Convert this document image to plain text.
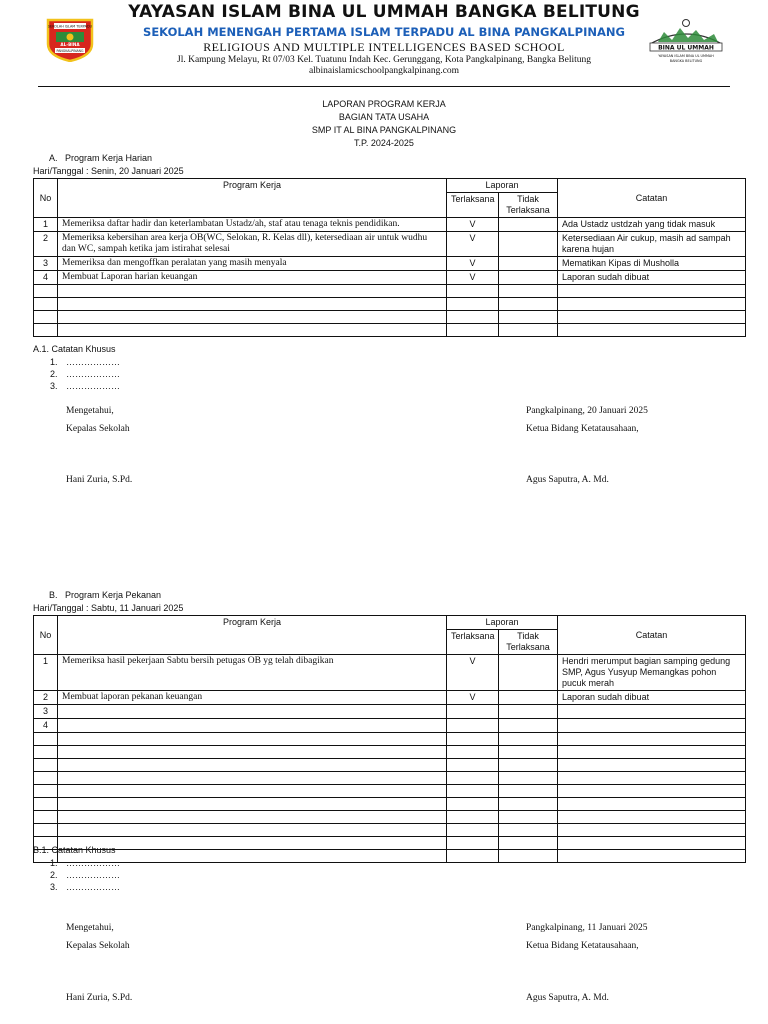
SEKOLAH ISLAM TERPADU
AL-BINA
PANGKALPINANG
YAYASAN ISLAM BINA UL UMMAH BANGKA BELITUNG
SEKOLAH MENENGAH PERTAMA ISLAM TERPADU AL BINA PANGKALPINANG
RELIGIOUS AND MULTIPLE INTELLIGENCES BASED SCHOOL
Jl. Kampung Melayu, Rt 07/03 Kel. Tuatunu Indah Kec. Gerunggang, Kota Pangkalpinang, Bangka Belitung
albinaislamicschoolpangkalpinang.com
BINA UL UMMAH
YAYASAN ISLAM BINA UL UMMAH
BANGKA BELITUNG
LAPORAN PROGRAM KERJA
BAGIAN TATA USAHA
SMP IT AL BINA PANGKALPINANG
T.P. 2024-2025
A.   Program Kerja Harian
Hari/Tanggal : Senin, 20 Januari 2025
No	Program Kerja	Laporan		Catatan
		Terlaksana	Tidak Terlaksana	
1	Memeriksa daftar hadir dan keterlambatan Ustadz/ah, staf atau tenaga teknis pendidikan.	V		Ada Ustadz ustdzah yang tidak masuk
2	Memeriksa kebersihan area kerja OB(WC, Selokan, R. Kelas dll), ketersediaan air untuk wudhu dan WC, sampah ketika jam istirahat selesai	V		Ketersediaan Air cukup, masih ad sampah karena hujan
3	Memeriksa dan mengoffkan peralatan yang masih menyala	V		Mematikan Kipas di Musholla
4	Membuat Laporan harian keuangan	V		Laporan sudah dibuat

A.1. Catatan Khusus
1. ………………
2. ………………
3. ………………
Mengetahui,
Kepalas Sekolah
Hani Zuria, S.Pd.
Pangkalpinang, 20 Januari 2025
Ketua Bidang Ketatausahaan,
Agus Saputra, A. Md.
B.   Program Kerja Pekanan
Hari/Tanggal : Sabtu, 11 Januari 2025
No	Program Kerja	Laporan		Catatan
		Terlaksana	Tidak Terlaksana	
1	Memeriksa hasil pekerjaan Sabtu bersih petugas OB yg telah dibagikan	V		Hendri merumput bagian samping gedung SMP, Agus Yusyup Memangkas pohon pucuk merah
2	Membuat laporan pekanan keuangan	V		Laporan sudah dibuat
3				
4				

B.1. Catatan Khusus
1. ………………
2. ………………
3. ………………
Mengetahui,
Kepalas Sekolah
Hani Zuria, S.Pd.
Pangkalpinang, 11 Januari 2025
Ketua Bidang Ketatausahaan,
Agus Saputra, A. Md.
